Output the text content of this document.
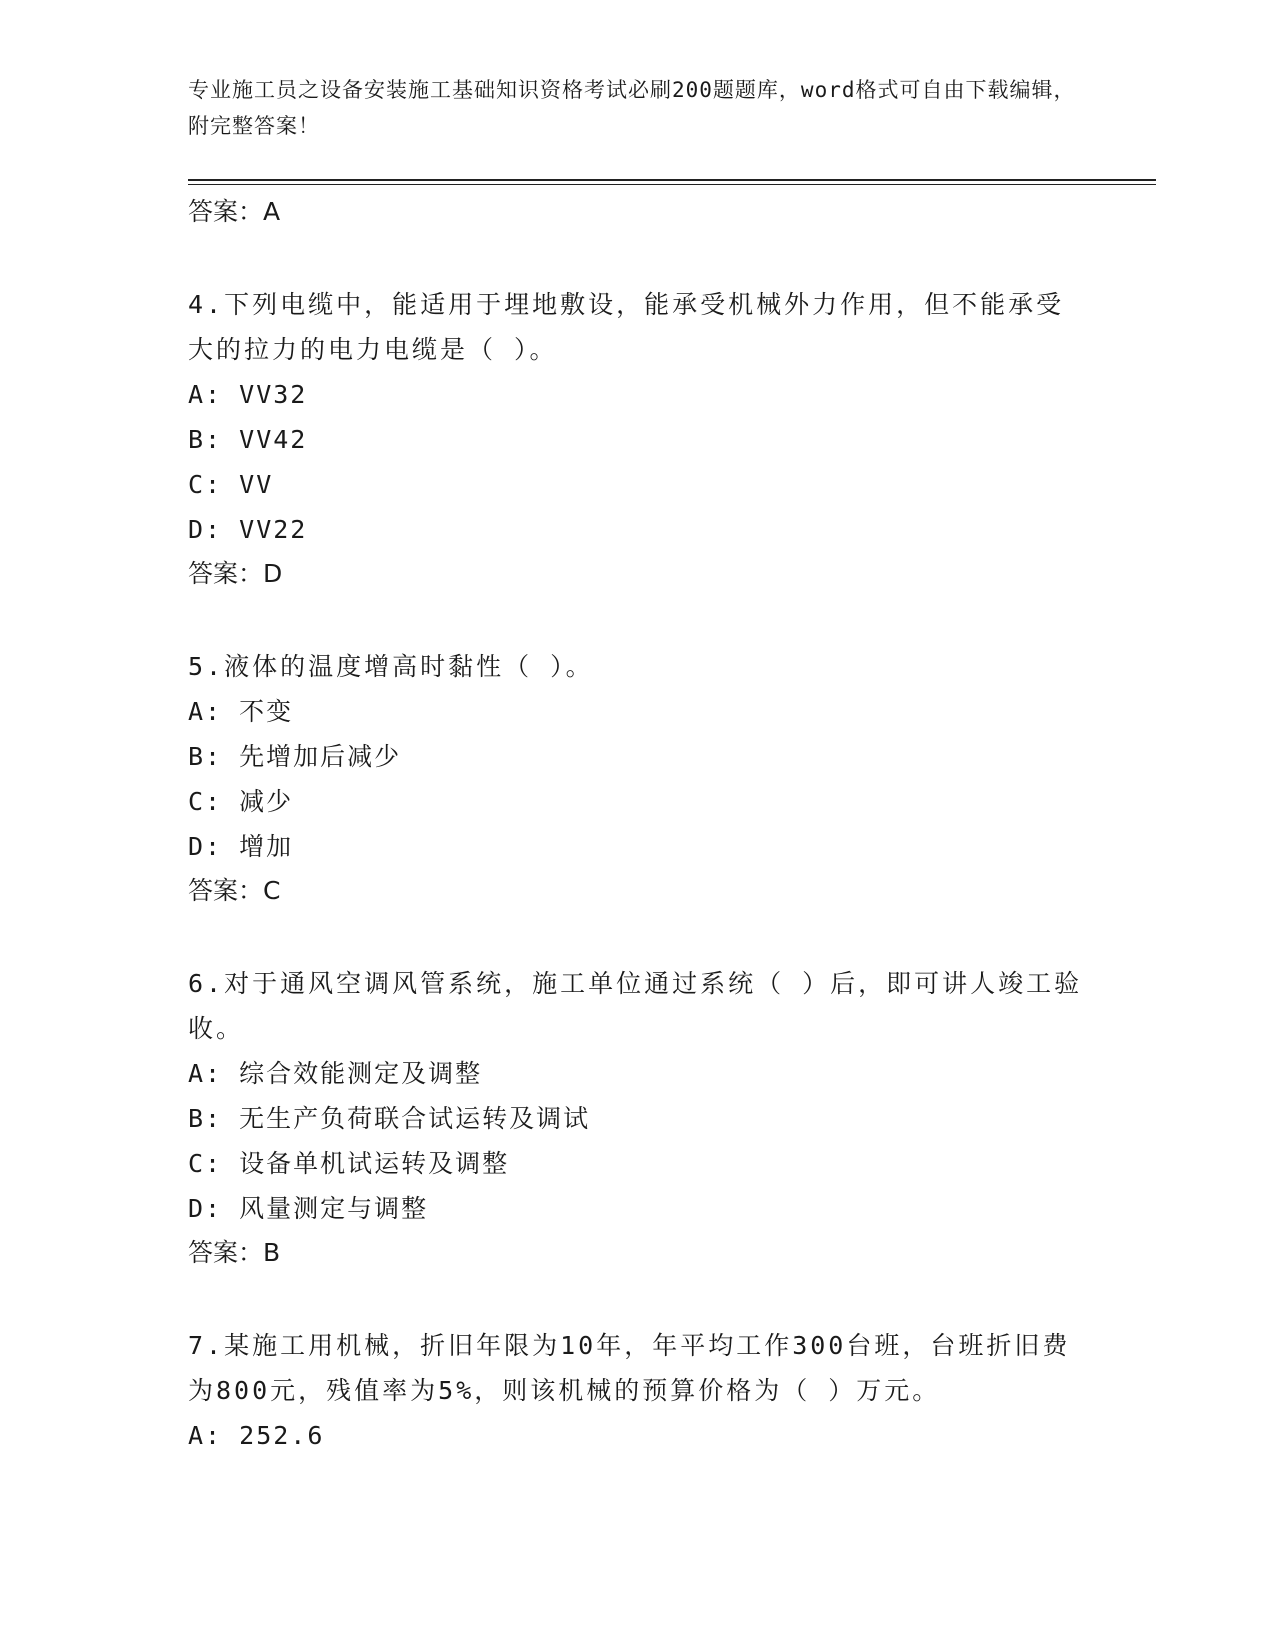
专业施工员之设备安装施工基础知识资格考试必刷200题题库，word格式可自由下载编辑，附完整答案！
答案：A
4.下列电缆中，能适用于埋地敷设，能承受机械外力作用，但不能承受大的拉力的电力电缆是（ ）。
A: VV32
B: VV42
C: VV
D: VV22
答案：D
5.液体的温度增高时黏性（ ）。
A: 不变
B: 先增加后减少
C: 减少
D: 增加
答案：C
6.对于通风空调风管系统，施工单位通过系统（ ）后，即可讲人竣工验收。
A: 综合效能测定及调整
B: 无生产负荷联合试运转及调试
C: 设备单机试运转及调整
D: 风量测定与调整
答案：B
7.某施工用机械，折旧年限为10年，年平均工作300台班，台班折旧费为800元，残值率为5%，则该机械的预算价格为（ ）万元。
A: 252.6
